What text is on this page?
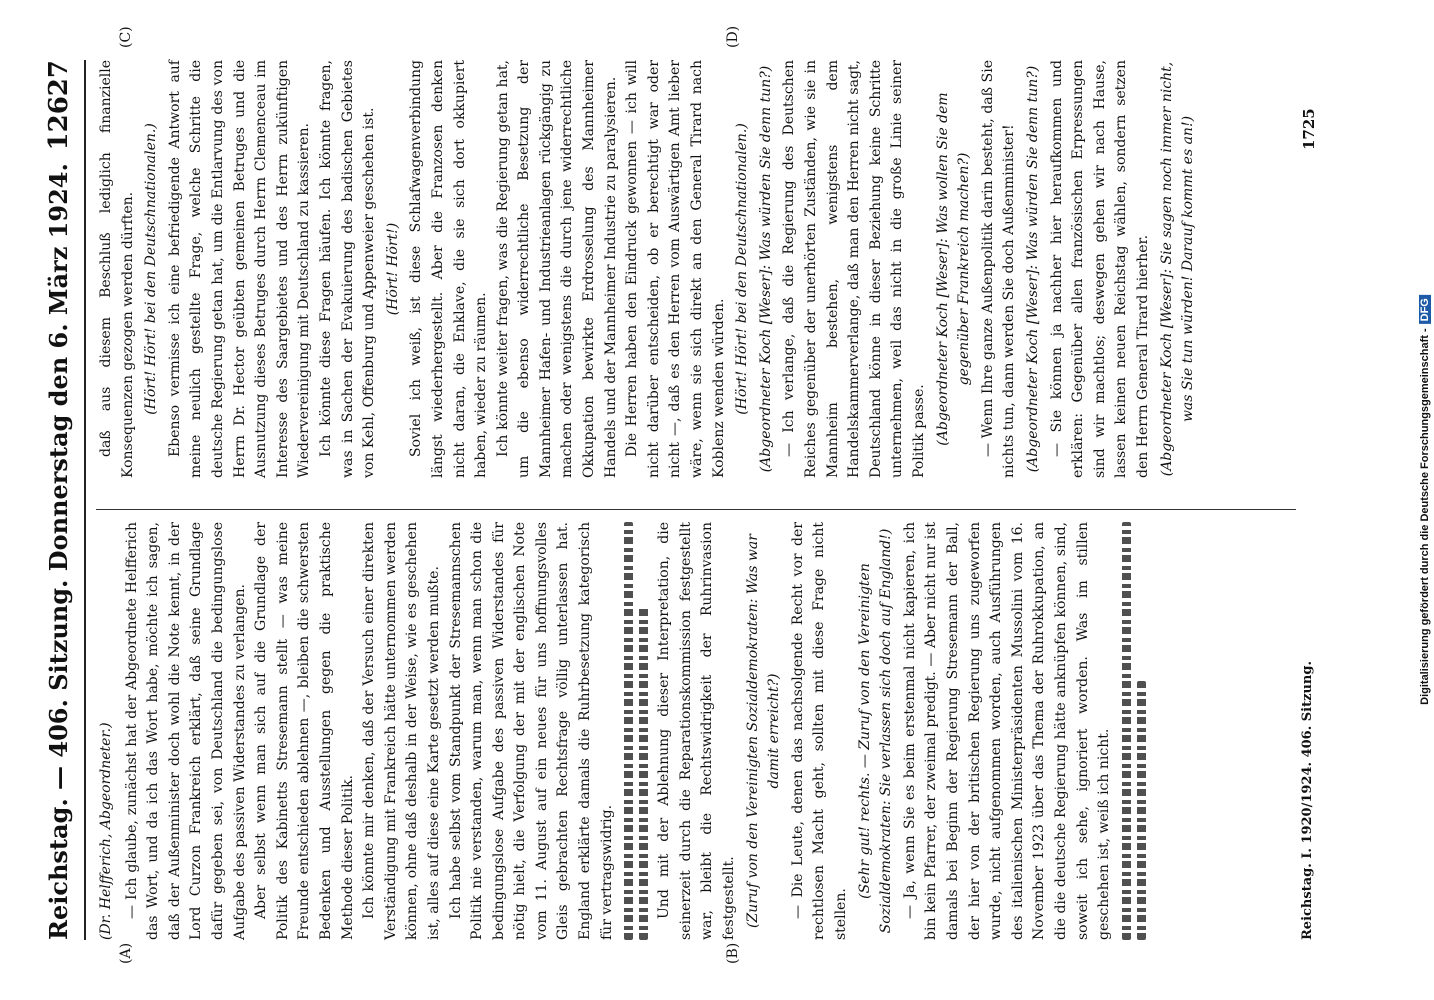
Reichstag. — 406. Sitzung. Donnerstag den 6. März 1924.
12627
(A)	(B)
(C)	(D)
(Dr. Helfferich, Abgeordneter.) — Ich glaube, zunächst hat der Abgeordnete Helfferich das Wort, und da ich das Wort habe, möchte ich sagen, daß der Außenminister doch wohl die Note kennt, in der Lord Curzon Frankreich erklärt, daß seine Grundlage dafür gegeben sei, von Deutschland die bedingungslose Aufgabe des passiven Widerstandes zu verlangen. Aber selbst wenn man sich auf die Grundlage der Politik des Kabinetts Stresemann stellt — was meine Freunde entschieden ablehnen —, bleiben die schwersten Bedenken und Ausstellungen gegen die praktische Methode dieser Politik. Ich könnte mir denken, daß der Versuch einer direkten Verständigung mit Frankreich hätte unternommen werden können, ohne daß deshalb in der Weise, wie es geschehen ist, alles auf diese eine Karte gesetzt werden mußte. Ich habe selbst vom Standpunkt der Stresemannschen Politik nie verstanden, warum man, wenn man schon die bedingungslose Aufgabe des passiven Widerstandes für nötig hielt, die Verfolgung der mit der englischen Note vom 11. August auf ein neues für uns hoffnungsvolles Gleis gebrachten Rechtsfrage völlig unterlassen hat. England erklärte damals die Ruhrbesetzung kategorisch für vertragswidrig.	Und mit der Ablehnung dieser Interpretation, die seinerzeit durch die Reparationskommission festgestellt war, bleibt die Rechtswidrigkeit der Ruhrinvasion festgestellt. (Zuruf von den Vereinigten Sozialdemokraten: Was war damit erreicht?) — Die Leute, denen das nachsolgende Recht vor der rechtlosen Macht geht, sollten mit diese Frage nicht stellen.

(Sehr gut! rechts. — Zuruf von den Vereinigten Sozialdemokraten: Sie verlassen sich doch auf England!) — Ja, wenn Sie es beim erstenmal nicht kapieren, ich bin kein Pfarrer, der zweimal predigt. — Aber nicht nur ist damals bei Beginn der Regierung Stresemann der Ball, der hier von der britischen Regierung uns zugeworfen wurde, nicht aufgenommen worden, auch Ausführungen des italienischen Ministerpräsidenten Mussolini vom 16. November 1923 über das Thema der Ruhrokkupation, an die die deutsche Regierung hätte anknüpfen können, sind, soweit ich sehe, ignoriert worden. Was im stillen geschehen ist, weiß ich nicht.

daß aus diesem Beschluß lediglich finanzielle Konsequenzen gezogen werden dürften. (Hört! Hört! bei den Deutschnationalen.) Ebenso vermisse ich eine befriedigende Antwort auf meine neulich gestellte Frage, welche Schritte die deutsche Regierung getan hat, um die Entlarvung des von Herrn Dr. Hector geübten gemeinen Betruges und die Ausnutzung dieses Betruges durch Herrn Clemenceau im Interesse des Saargebietes und des Herrn zukünftigen Wiedervereinigung mit Deutschland zu kassieren. Ich könnte diese Fragen häufen. Ich könnte fragen, was in Sachen der Evakuierung des badischen Gebietes von Kehl, Offenburg und Appenweier geschehen ist. (Hört! Hört!) Soviel ich weiß, ist diese Schlafwagenverbindung längst wiederhergestellt. Aber die Franzosen denken nicht daran, die Enklave, die sie sich dort okkupiert haben, wieder zu räumen. Ich könnte weiter fragen, was die Regierung getan hat, um die ebenso widerrechtliche Besetzung der Mannheimer Hafen- und Industrieanlagen rückgängig zu machen oder wenigstens die durch jene widerrechtliche Okkupation bewirkte Erdrosselung des Mannheimer Handels und der Mannheimer Industrie zu paralysieren. Die Herren haben den Eindruck gewonnen — ich will nicht darüber entscheiden, ob er berechtigt war oder nicht —, daß es den Herren vom Auswärtigen Amt lieber wäre, wenn sie sich direkt an den General Tirard nach Koblenz wenden würden. (Hört! Hört! bei den Deutschnationalen.) (Abgeordneter Koch [Weser]: Was würden Sie denn tun?) — Ich verlange, daß die Regierung des Deutschen Reiches gegenüber der unerhörten Zuständen, wie sie in Mannheim bestehen, wenigstens dem Handelskammerverlange, daß man den Herren nicht sagt, Deutschland könne in dieser Beziehung keine Schritte unternehmen, weil das nicht in die große Linie seiner Politik passe. (Abgeordneter Koch [Weser]: Was wollen Sie dem gegenüber Frankreich machen?) — Wenn Ihre ganze Außenpolitik darin besteht, daß Sie nichts tun, dann werden Sie doch Außenminister! (Abgeordneter Koch [Weser]: Was würden Sie denn tun?) — Sie können ja nachher hier heraufkommen und erklären: Gegenüber allen französischen Erpressungen sind wir machtlos; deswegen gehen wir nach Hause, lassen keinen neuen Reichstag wählen, sondern setzen den Herrn General Tirard hierher. (Abgeordneter Koch [Weser]: Sie sagen noch immer nicht, was Sie tun würden! Darauf kommt es an!)

Reichstag. I. 1920/1924. 406. Sitzung.
1725
Digitalisierung gefördert durch die Deutsche Forschungsgemeinschaft -DFG
